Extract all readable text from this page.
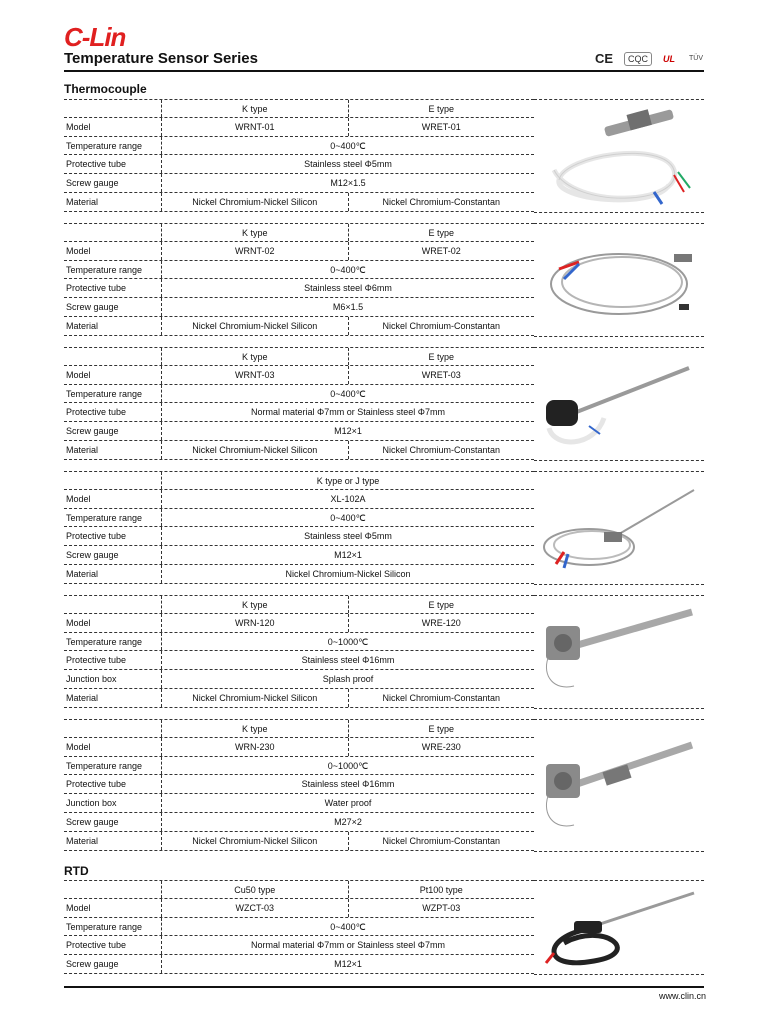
C-Lin
Temperature Sensor Series	CE	CQC	UL	TÜV
Thermocouple
RTD
K type	E type
Model	WRNT-01	WRET-01
Temperature range	0~400℃
Protective tube	Stainless steel Φ5mm
Screw gauge	M12×1.5
Material	Nickel Chromium-Nickel Silicon	Nickel Chromium-Constantan
K type	E type
Model	WRNT-02	WRET-02
Temperature range	0~400℃
Protective tube	Stainless steel Φ6mm
Screw gauge	M6×1.5
Material	Nickel Chromium-Nickel Silicon	Nickel Chromium-Constantan
K type	E type
Model	WRNT-03	WRET-03
Temperature range	0~400℃
Protective tube	Normal material Φ7mm or Stainless steel Φ7mm
Screw gauge	M12×1
Material	Nickel Chromium-Nickel Silicon	Nickel Chromium-Constantan
K type or J type
Model	XL-102A
Temperature range	0~400℃
Protective tube	Stainless steel Φ5mm
Screw gauge	M12×1
Material	Nickel Chromium-Nickel Silicon
K type	E type
Model	WRN-120	WRE-120
Temperature range	0~1000℃
Protective tube	Stainless steel Φ16mm
Junction box	Splash proof
Material	Nickel Chromium-Nickel Silicon	Nickel Chromium-Constantan
K type	E type
Model	WRN-230	WRE-230
Temperature range	0~1000℃
Protective tube	Stainless steel Φ16mm
Junction box	Water proof
Screw gauge	M27×2
Material	Nickel Chromium-Nickel Silicon	Nickel Chromium-Constantan
Cu50 type	Pt100 type
Model	WZCT-03	WZPT-03
Temperature range	0~400℃
Protective tube	Normal material Φ7mm or Stainless steel Φ7mm
Screw gauge	M12×1
www.clin.cn
